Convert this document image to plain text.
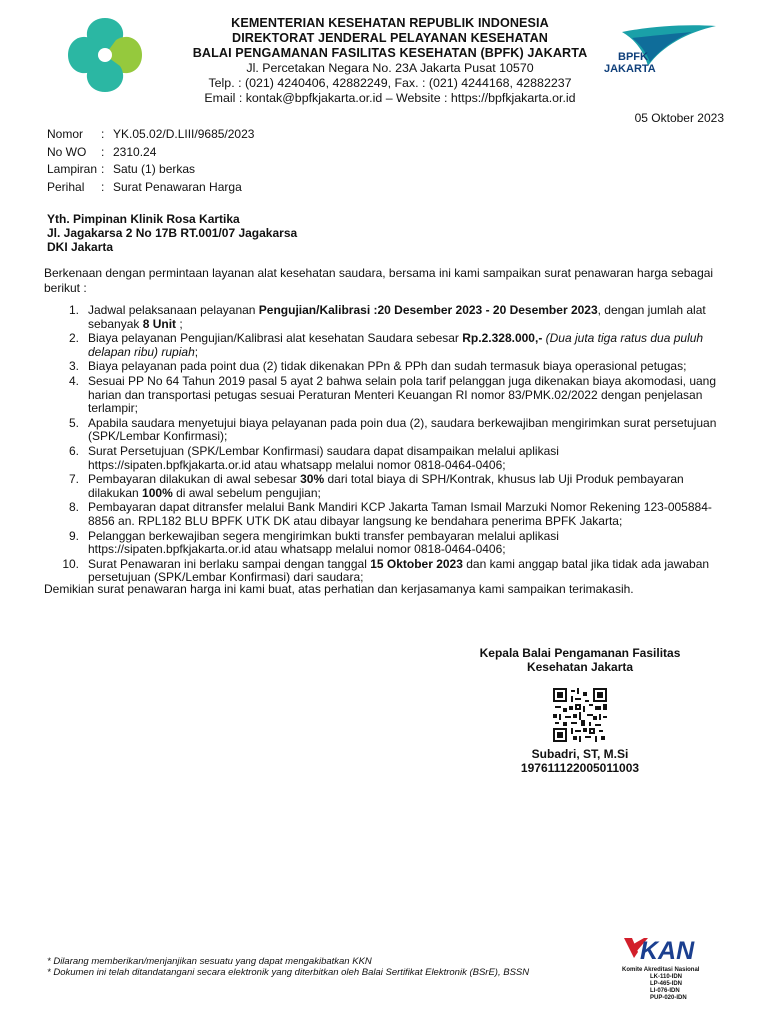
KEMENTERIAN KESEHATAN REPUBLIK INDONESIA
DIREKTORAT JENDERAL PELAYANAN KESEHATAN
BALAI PENGAMANAN FASILITAS KESEHATAN (BPFK) JAKARTA
Jl. Percetakan Negara No. 23A Jakarta Pusat 10570
Telp. : (021) 4240406, 42882249, Fax. : (021) 4244168, 42882237
Email : kontak@bpfkjakarta.or.id – Website : https://bpfkjakarta.or.id
BPFK
JAKARTA
05 Oktober 2023
Nomor	: YK.05.02/D.LIII/9685/2023
No WO	: 2310.24
Lampiran : Satu (1) berkas
Perihal	: Surat Penawaran Harga
Yth. Pimpinan Klinik Rosa Kartika
Jl. Jagakarsa 2 No 17B RT.001/07 Jagakarsa
DKI Jakarta
Berkenaan dengan permintaan layanan alat kesehatan saudara, bersama ini kami sampaikan surat penawaran harga sebagai berikut :
1. Jadwal pelaksanaan pelayanan Pengujian/Kalibrasi :20 Desember 2023 - 20 Desember 2023, dengan jumlah alat sebanyak 8 Unit ;
2. Biaya pelayanan Pengujian/Kalibrasi alat kesehatan Saudara sebesar Rp.2.328.000,- (Dua juta tiga ratus dua puluh delapan ribu) rupiah;
3. Biaya pelayanan pada point dua (2) tidak dikenakan PPn & PPh dan sudah termasuk biaya operasional petugas;
4. Sesuai PP No 64 Tahun 2019 pasal 5 ayat 2 bahwa selain pola tarif pelanggan juga dikenakan biaya akomodasi, uang harian dan transportasi petugas sesuai Peraturan Menteri Keuangan RI nomor 83/PMK.02/2022 dengan penjelasan terlampir;
5. Apabila saudara menyetujui biaya pelayanan pada poin dua (2), saudara berkewajiban mengirimkan surat persetujuan (SPK/Lembar Konfirmasi);
6. Surat Persetujuan (SPK/Lembar Konfirmasi) saudara dapat disampaikan melalui aplikasi https://sipaten.bpfkjakarta.or.id atau whatsapp melalui nomor 0818-0464-0406;
7. Pembayaran dilakukan di awal sebesar 30% dari total biaya di SPH/Kontrak, khusus lab Uji Produk pembayaran dilakukan 100% di awal sebelum pengujian;
8. Pembayaran dapat ditransfer melalui Bank Mandiri KCP Jakarta Taman Ismail Marzuki Nomor Rekening 123-005884-8856 an. RPL182 BLU BPFK UTK DK atau dibayar langsung ke bendahara penerima BPFK Jakarta;
9. Pelanggan berkewajiban segera mengirimkan bukti transfer pembayaran melalui aplikasi https://sipaten.bpfkjakarta.or.id atau whatsapp melalui nomor 0818-0464-0406;
10. Surat Penawaran ini berlaku sampai dengan tanggal 15 Oktober 2023 dan kami anggap batal jika tidak ada jawaban persetujuan (SPK/Lembar Konfirmasi) dari saudara;
Demikian surat penawaran harga ini kami buat, atas perhatian dan kerjasamanya kami sampaikan terimakasih.
Kepala Balai Pengamanan Fasilitas
Kesehatan Jakarta
Subadri, ST, M.Si
197611122005011003
* Dilarang memberikan/menjanjikan sesuatu yang dapat mengakibatkan KKN
* Dokumen ini telah ditandatangani secara elektronik yang diterbitkan oleh Balai Sertifikat Elektronik (BSrE), BSSN
KAN
Komite Akreditasi Nasional
LK-110-IDN
LP-465-IDN
LI-076-IDN
PUP-020-IDN
